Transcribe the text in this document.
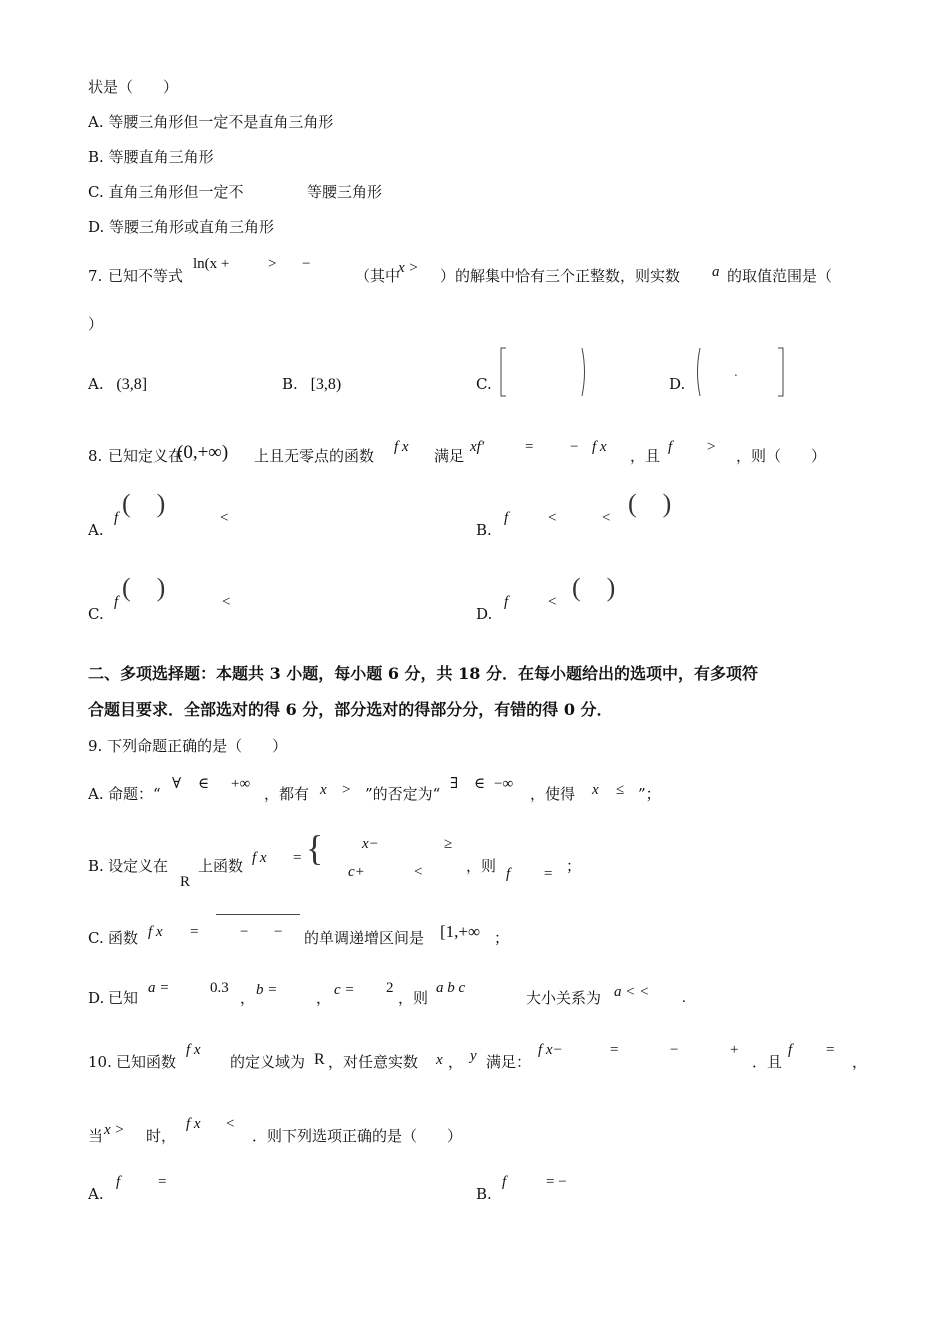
状是（　　）
A. 等腰三角形但一定不是直角三角形
B. 等腰直角三角形
C. 直角三角形但一定不	等腰三角形
D. 等腰三角形或直角三角形
7. 已知不等式
ln(x +	> −
（其中
x > ）的解集中恰有三个正整数，则实数 a 的取值范围是（
）
A. (3,8]	B. [3,8)	C.	D.
.
8. 已知定义在
(0,+∞) 上且无零点的函数 f x 满足 xf′	= − f x ，且 f > ，则（　　）
A.
f ( )	<
B.
f	<	< ( )
C.
f ( )	<
D.
f	< ( )
二、多项选择题：本题共 3 小题，每小题 6 分，共 18 分．在每小题给出的选项中，有多项符
合题目要求．全部选对的得 6 分，部分选对的得部分分，有错的得 0 分．
9. 下列命题正确的是（　　）
A. 命题：“
∀ ∈ +∞
，都有 x > ”的否定为“
∃ ∈ −∞
，使得 x ≤ ”；
B. 设定义在
R
上函数 f x = {	x−	≥
c+	<	，则 f = ；
C. 函数 f x =	− − 的单调递增区间是 [1,+∞ ；
D. 已知
a =	0.3
， b =	， c = 2
，则
a b c
大小关系为 a < < .
10. 已知函数
f x
的定义域为 R ，对任意实数 x ， y 满足：
f x−	=	−	+
．且
f =
，
当 x > 时，
f x <
．则下列选项正确的是（　　）
A.
f	=
B.
f	= −
